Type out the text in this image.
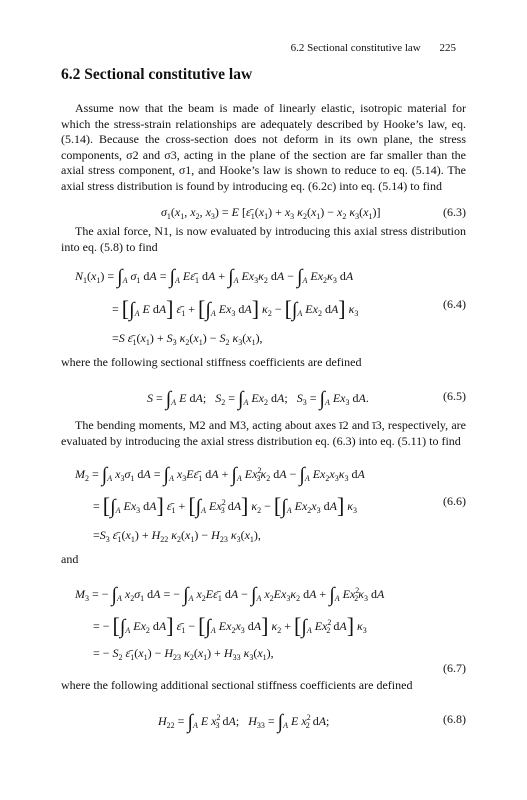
6.2 Sectional constitutive law 225
6.2 Sectional constitutive law

Assume now that the beam is made of linearly elastic, isotropic material for which the stress-strain relationships are adequately described by Hooke’s law, eq. (5.14). Because the cross-section does not deform in its own plane, the stress components, σ2 and σ3, acting in the plane of the section are far smaller than the axial stress component, σ1, and Hooke’s law is shown to reduce to eq. (5.14). The axial stress distribution is found by introducing eq. (6.2c) into eq. (5.14) to find

$\sigma_1(x_1$, $x_2$, $x_3) = E$ [$\varepsilon̄_1(x_1) + x_3$ $\kappa_2(x_1) - x_2$ $\kappa_3(x_1)$]	(6.3)

The axial force, N1, is now evaluated by introducing this axial stress distribution into eq. (5.8) to find

$N_1(x_1) = \int_A$ $\sigma_1$ dA = $\int_A$ $E\varepsilon̄_1$ dA + $\int_A$ $Ex_3\kappa_2$ dA − $\int_A$ $Ex_2\kappa_3$ dA
= [$\int_A$ E dA] $\varepsilon̄_1 + [\int_A$ $Ex_3$ dA] $\kappa_2 - [\int_A$ $Ex_2$ dA] $\kappa_3$
(6.4)
=S $\varepsilon̄_1(x_1) + S_3$ $\kappa_2(x_1) - S_2$ $\kappa_3(x_1)$,

where the following sectional stiffness coefficients are defined

$S = \int_A$ E dA;   $S_2 = \int_A$ $Ex_2$ dA;   $S_3 = \int_A$ $Ex_3$ dA.	(6.5)

The bending moments, M2 and M3, acting about axes ī2 and ī3, respectively, are evaluated by introducing the axial stress distribution eq. (6.3) into eq. (5.11) to find

$M_2 = \int_A$ $x_3\sigma_1$ dA = $\int_A$ $x_3E\varepsilon̄_1$ dA + $\int_A$ $Ex^2_3\kappa_2$ dA − $\int_A$ $Ex_2x_3\kappa_3$ dA
= [$\int_A$ $Ex_3$ dA] $\varepsilon̄_1 + [\int_A$ $Ex^2_3$ dA] $\kappa_2 - [\int_A$ $Ex_2x_3$ dA] $\kappa_3$
(6.6)
$=S_3$ $\varepsilon̄_1(x_1) + H_{22}$ $\kappa_2(x_1) - H_{23}$ $\kappa_3(x_1)$,

and

$M_3$ = − $\int_A$ $x_2\sigma_1$ dA = − $\int_A$ $x_2E\varepsilon̄_1$ dA − $\int_A$ $x_2Ex_3\kappa_2$ dA + $\int_A$ $Ex^2_2\kappa_3$ dA
= − [$\int_A$ $Ex_2$ dA] $\varepsilon̄_1 - [\int_A$ $Ex_2x_3$ dA] $\kappa_2 + [\int_A$ $Ex^2_2$ dA] $\kappa_3$
= − $S_2$ $\varepsilon̄_1(x_1) - H_{23}$ $\kappa_2(x_1) + H_{33}$ $\kappa_3(x_1)$,
(6.7)

where the following additional sectional stiffness coefficients are defined

$H_{22} = \int_A$ E $x^2_3$ dA;   $H_{33} = \int_A$ E $x^2_2$ dA;	(6.8)
